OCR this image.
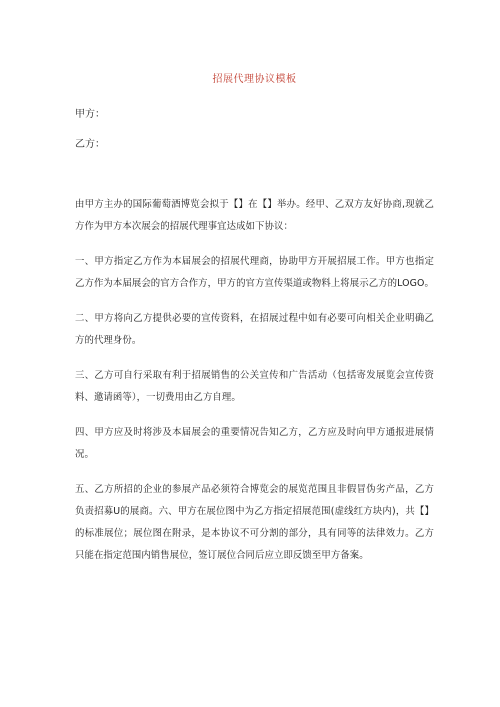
招展代理协议模板
甲方：
乙方：

由甲方主办的国际葡萄酒博览会拟于【】在【】举办。经甲、乙双方友好协商,现就乙方作为甲方本次展会的招展代理事宜达成如下协议：

一、甲方指定乙方作为本届展会的招展代理商，协助甲方开展招展工作。甲方也指定乙方作为本届展会的官方合作方，甲方的官方宣传渠道或物料上将展示乙方的LOGO。

二、甲方将向乙方提供必要的宣传资料，在招展过程中如有必要可向相关企业明确乙方的代理身份。

三、乙方可自行采取有利于招展销售的公关宣传和广告活动（包括寄发展览会宣传资料、邀请函等），一切费用由乙方自理。

四、甲方应及时将涉及本届展会的重要情况告知乙方，乙方应及时向甲方通报进展情况。

五、乙方所招的企业的参展产品必须符合博览会的展览范围且非假冒伪劣产品，乙方负责招募U的展商。六、甲方在展位图中为乙方指定招展范围(虚线红方块内)，共【】的标准展位；展位图在附录，是本协议不可分割的部分，具有同等的法律效力。乙方只能在指定范围内销售展位，签订展位合同后应立即反馈至甲方备案。
